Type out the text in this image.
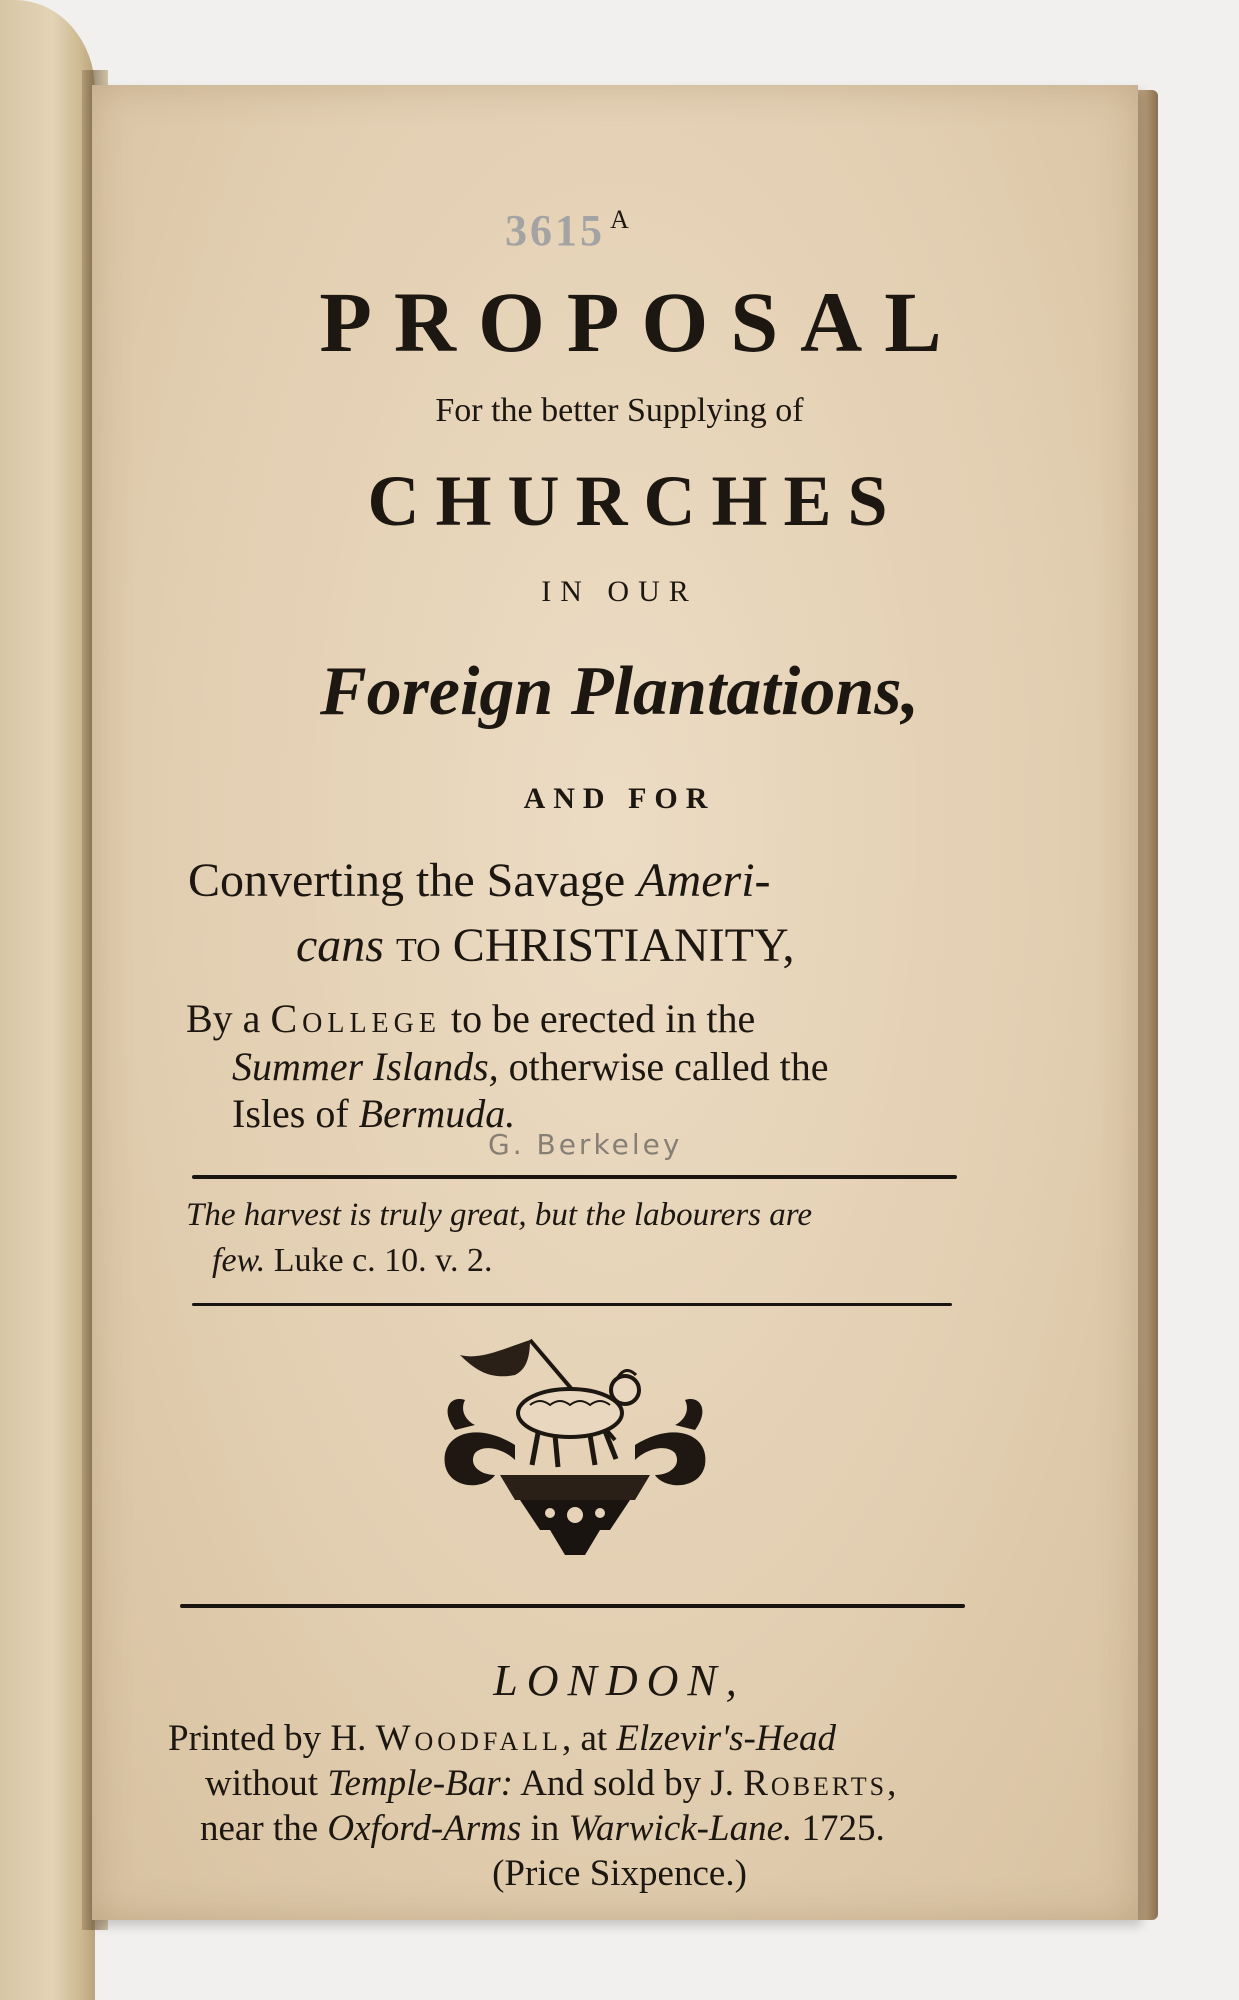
3615 A
PROPOSAL
For the better Supplying of
CHURCHES
IN OUR
Foreign Plantations,
AND FOR
Converting the Savage Ameri-
cans to CHRISTIANITY,
By a College to be erected in the
Summer Islands, otherwise called the
Isles of Bermuda.
G. Berkeley
The harvest is truly great, but the labourers are
few. Luke c. 10. v. 2.
LONDON,
Printed by H. Woodfall, at Elzevir's-Head
without Temple-Bar: And sold by J. Roberts,
near the Oxford-Arms in Warwick-Lane. 1725.
(Price Sixpence.)
